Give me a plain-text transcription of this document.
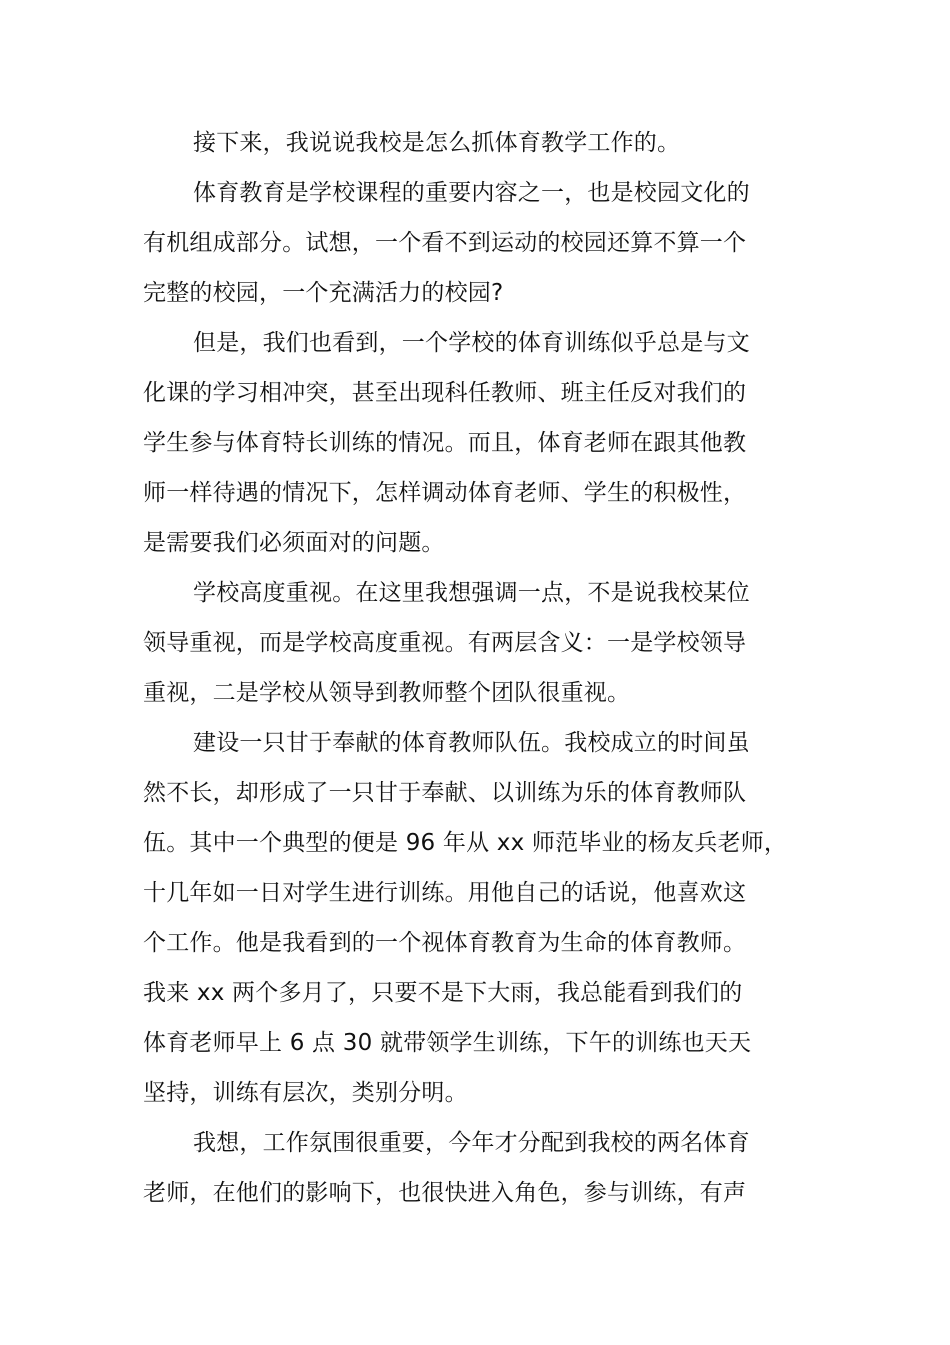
接下来，我说说我校是怎么抓体育教学工作的。
体育教育是学校课程的重要内容之一，也是校园文化的
有机组成部分。试想，一个看不到运动的校园还算不算一个
完整的校园，一个充满活力的校园?
但是，我们也看到，一个学校的体育训练似乎总是与文
化课的学习相冲突，甚至出现科任教师、班主任反对我们的
学生参与体育特长训练的情况。而且，体育老师在跟其他教
师一样待遇的情况下，怎样调动体育老师、学生的积极性，
是需要我们必须面对的问题。
学校高度重视。在这里我想强调一点，不是说我校某位
领导重视，而是学校高度重视。有两层含义：一是学校领导
重视，二是学校从领导到教师整个团队很重视。
建设一只甘于奉献的体育教师队伍。我校成立的时间虽
然不长，却形成了一只甘于奉献、以训练为乐的体育教师队
伍。其中一个典型的便是 96 年从 xx 师范毕业的杨友兵老师，
十几年如一日对学生进行训练。用他自己的话说，他喜欢这
个工作。他是我看到的一个视体育教育为生命的体育教师。
我来 xx 两个多月了，只要不是下大雨，我总能看到我们的
体育老师早上 6 点 30 就带领学生训练，下午的训练也天天
坚持，训练有层次，类别分明。
我想，工作氛围很重要，今年才分配到我校的两名体育
老师，在他们的影响下，也很快进入角色，参与训练，有声
